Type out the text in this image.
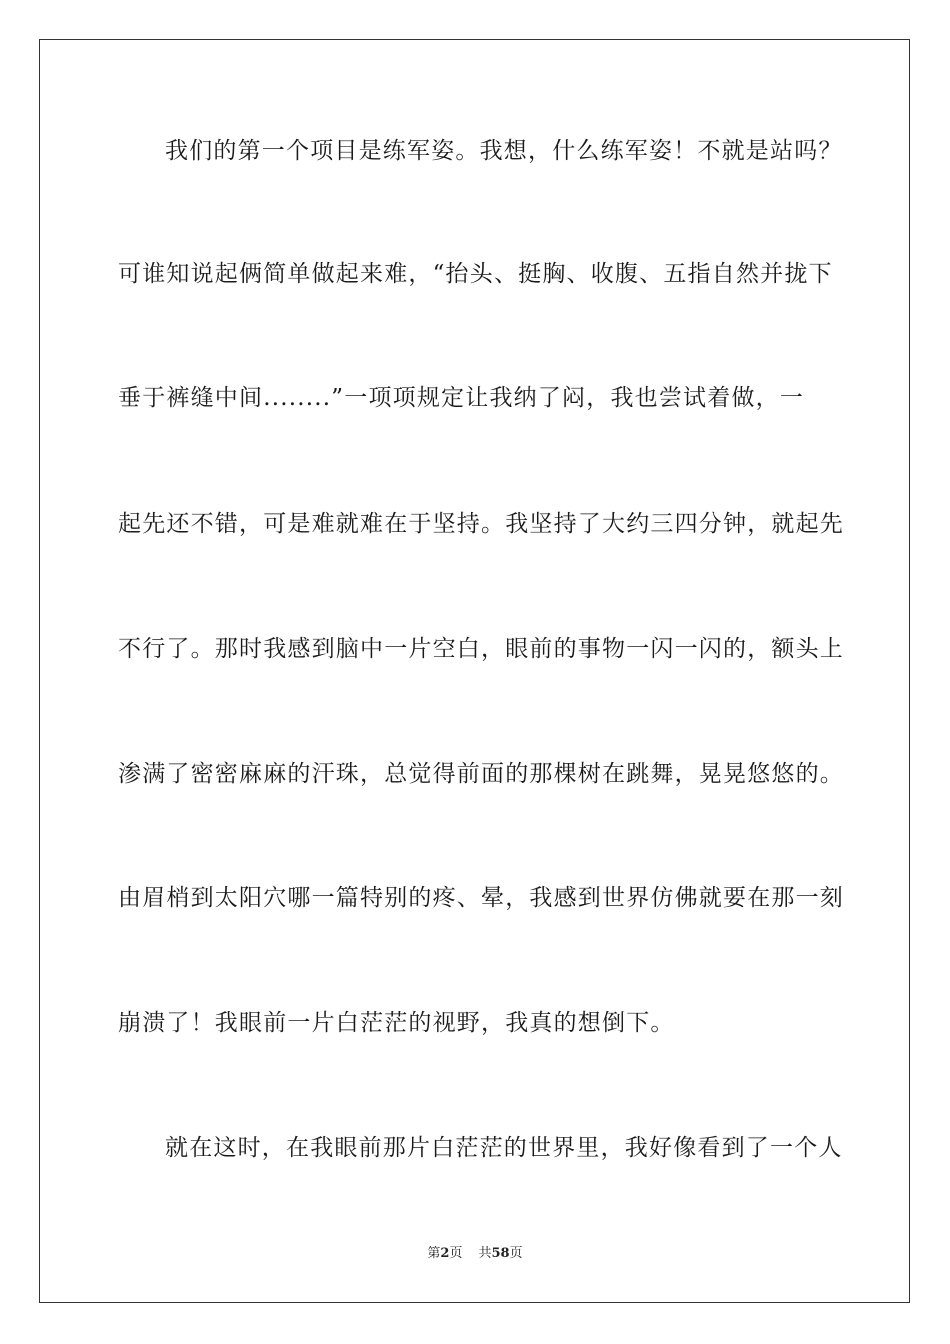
我们的第一个项目是练军姿。我想，什么练军姿！不就是站吗？
可谁知说起俩简单做起来难，“抬头、挺胸、收腹、五指自然并拢下
垂于裤缝中间........”一项项规定让我纳了闷，我也尝试着做，一
起先还不错，可是难就难在于坚持。我坚持了大约三四分钟，就起先
不行了。那时我感到脑中一片空白，眼前的事物一闪一闪的，额头上
渗满了密密麻麻的汗珠，总觉得前面的那棵树在跳舞，晃晃悠悠的。
由眉梢到太阳穴哪一篇特别的疼、晕，我感到世界仿佛就要在那一刻
崩溃了！我眼前一片白茫茫的视野，我真的想倒下。
就在这时，在我眼前那片白茫茫的世界里，我好像看到了一个人
第2页 共58页
